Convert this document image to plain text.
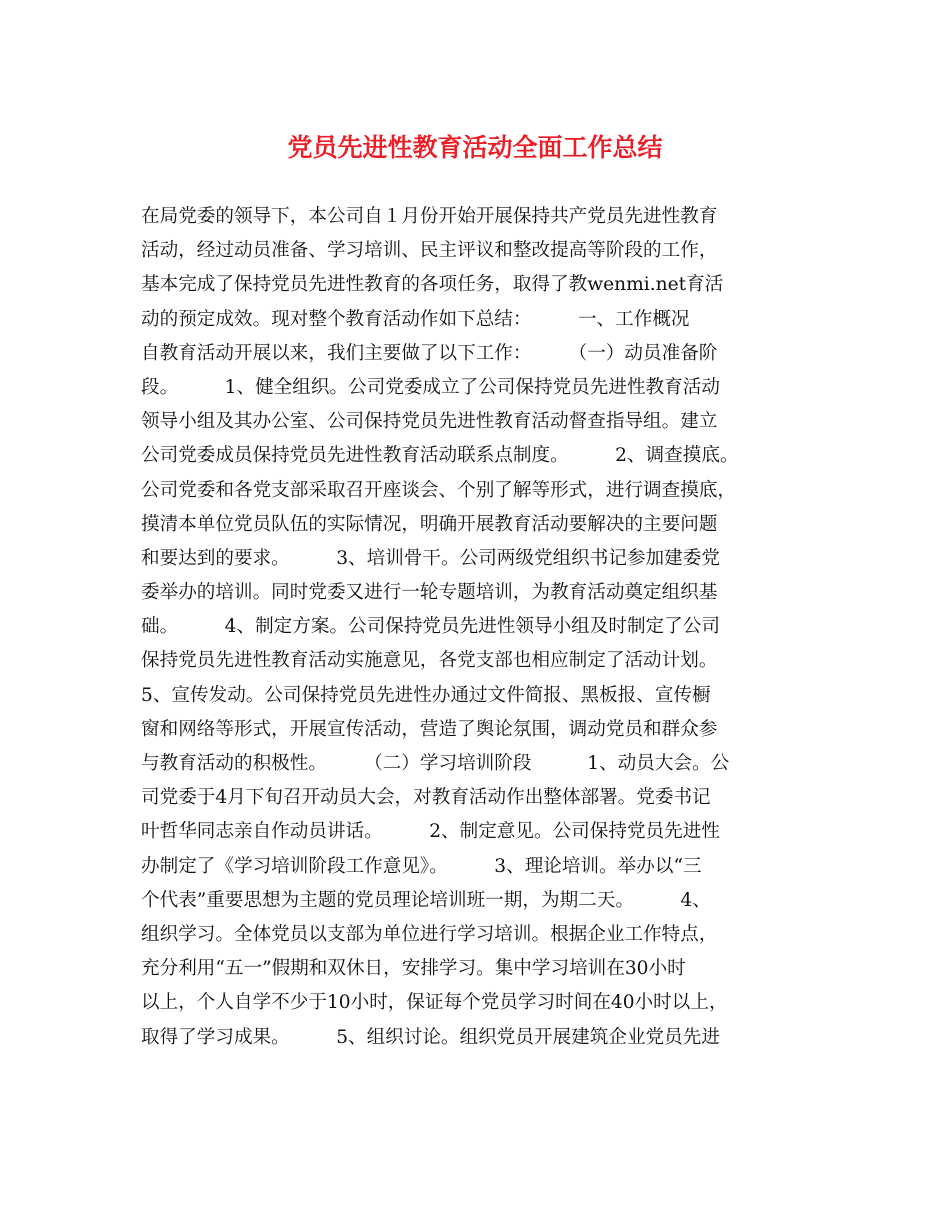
党员先进性教育活动全面工作总结
在局党委的领导下，本公司自１月份开始开展保持共产党员先进性教育
活动，经过动员准备、学习培训、民主评议和整改提高等阶段的工作，
基本完成了保持党员先进性教育的各项任务，取得了教wenmi.net育活
动的预定成效。现对整个教育活动作如下总结：　　　一、工作概况
自教育活动开展以来，我们主要做了以下工作：　　　（一）动员准备阶
段。　　　1、健全组织。公司党委成立了公司保持党员先进性教育活动
领导小组及其办公室、公司保持党员先进性教育活动督查指导组。建立
公司党委成员保持党员先进性教育活动联系点制度。　　　2、调查摸底。
公司党委和各党支部采取召开座谈会、个别了解等形式，进行调查摸底，
摸清本单位党员队伍的实际情况，明确开展教育活动要解决的主要问题
和要达到的要求。　　　3、培训骨干。公司两级党组织书记参加建委党
委举办的培训。同时党委又进行一轮专题培训，为教育活动奠定组织基
础。　　　4、制定方案。公司保持党员先进性领导小组及时制定了公司
保持党员先进性教育活动实施意见，各党支部也相应制定了活动计划。
5、宣传发动。公司保持党员先进性办通过文件简报、黑板报、宣传橱
窗和网络等形式，开展宣传活动，营造了舆论氛围，调动党员和群众参
与教育活动的积极性。　　　（二）学习培训阶段　　　1、动员大会。公
司党委于4月下旬召开动员大会，对教育活动作出整体部署。党委书记
叶哲华同志亲自作动员讲话。　　　2、制定意见。公司保持党员先进性
办制定了《学习培训阶段工作意见》。　　　3、理论培训。举办以“三
个代表”重要思想为主题的党员理论培训班一期，为期二天。　　　4、
组织学习。全体党员以支部为单位进行学习培训。根据企业工作特点，
充分利用“五一”假期和双休日，安排学习。集中学习培训在30小时
以上，个人自学不少于10小时，保证每个党员学习时间在40小时以上，
取得了学习成果。　　　5、组织讨论。组织党员开展建筑企业党员先进
